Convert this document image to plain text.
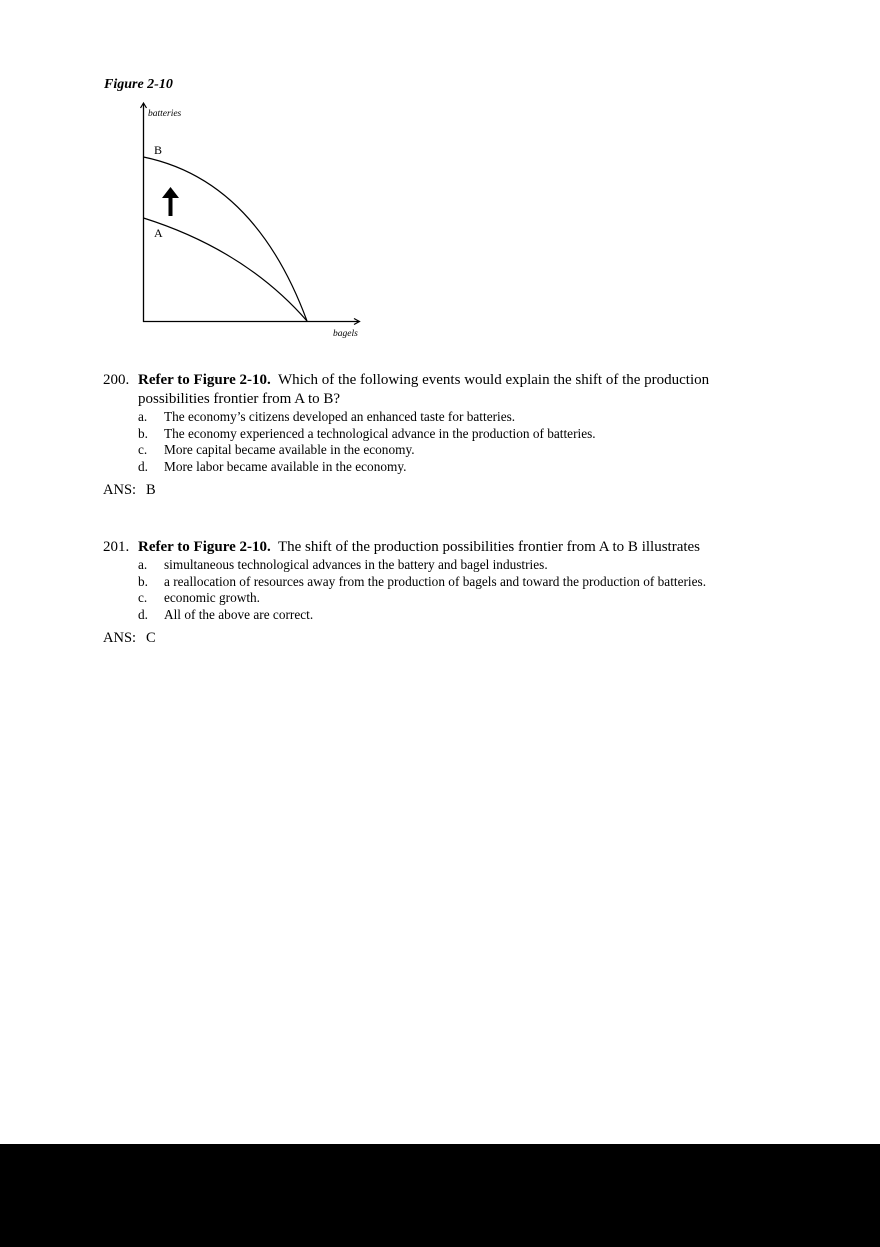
Figure 2-10
batteries
bagels
B
A
200. Refer to Figure 2-10. Which of the following events would explain the shift of the production possibilities frontier from A to B?
a. The economy’s citizens developed an enhanced taste for batteries.
b. The economy experienced a technological advance in the production of batteries.
c. More capital became available in the economy.
d. More labor became available in the economy.
ANS: B
201. Refer to Figure 2-10. The shift of the production possibilities frontier from A to B illustrates
a. simultaneous technological advances in the battery and bagel industries.
b. a reallocation of resources away from the production of bagels and toward the production of batteries.
c. economic growth.
d. All of the above are correct.
ANS: C
